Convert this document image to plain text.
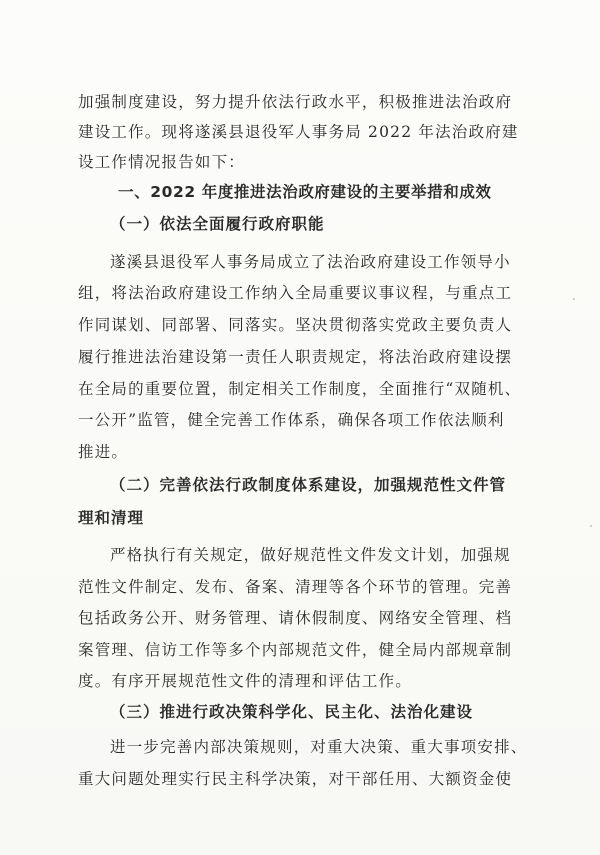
加强制度建设，努力提升依法行政水平，积极推进法治政府
建设工作。现将遂溪县退役军人事务局 2022 年法治政府建
设工作情况报告如下：
一、2022 年度推进法治政府建设的主要举措和成效
（一）依法全面履行政府职能
遂溪县退役军人事务局成立了法治政府建设工作领导小
组，将法治政府建设工作纳入全局重要议事议程，与重点工
作同谋划、同部署、同落实。坚决贯彻落实党政主要负责人
履行推进法治建设第一责任人职责规定，将法治政府建设摆
在全局的重要位置，制定相关工作制度，全面推行“双随机、
一公开”监管，健全完善工作体系，确保各项工作依法顺利
推进。
（二）完善依法行政制度体系建设，加强规范性文件管
理和清理
严格执行有关规定，做好规范性文件发文计划，加强规
范性文件制定、发布、备案、清理等各个环节的管理。完善
包括政务公开、财务管理、请休假制度、网络安全管理、档
案管理、信访工作等多个内部规范文件，健全局内部规章制
度。有序开展规范性文件的清理和评估工作。
（三）推进行政决策科学化、民主化、法治化建设
进一步完善内部决策规则，对重大决策、重大事项安排、
重大问题处理实行民主科学决策，对干部任用、大额资金使
